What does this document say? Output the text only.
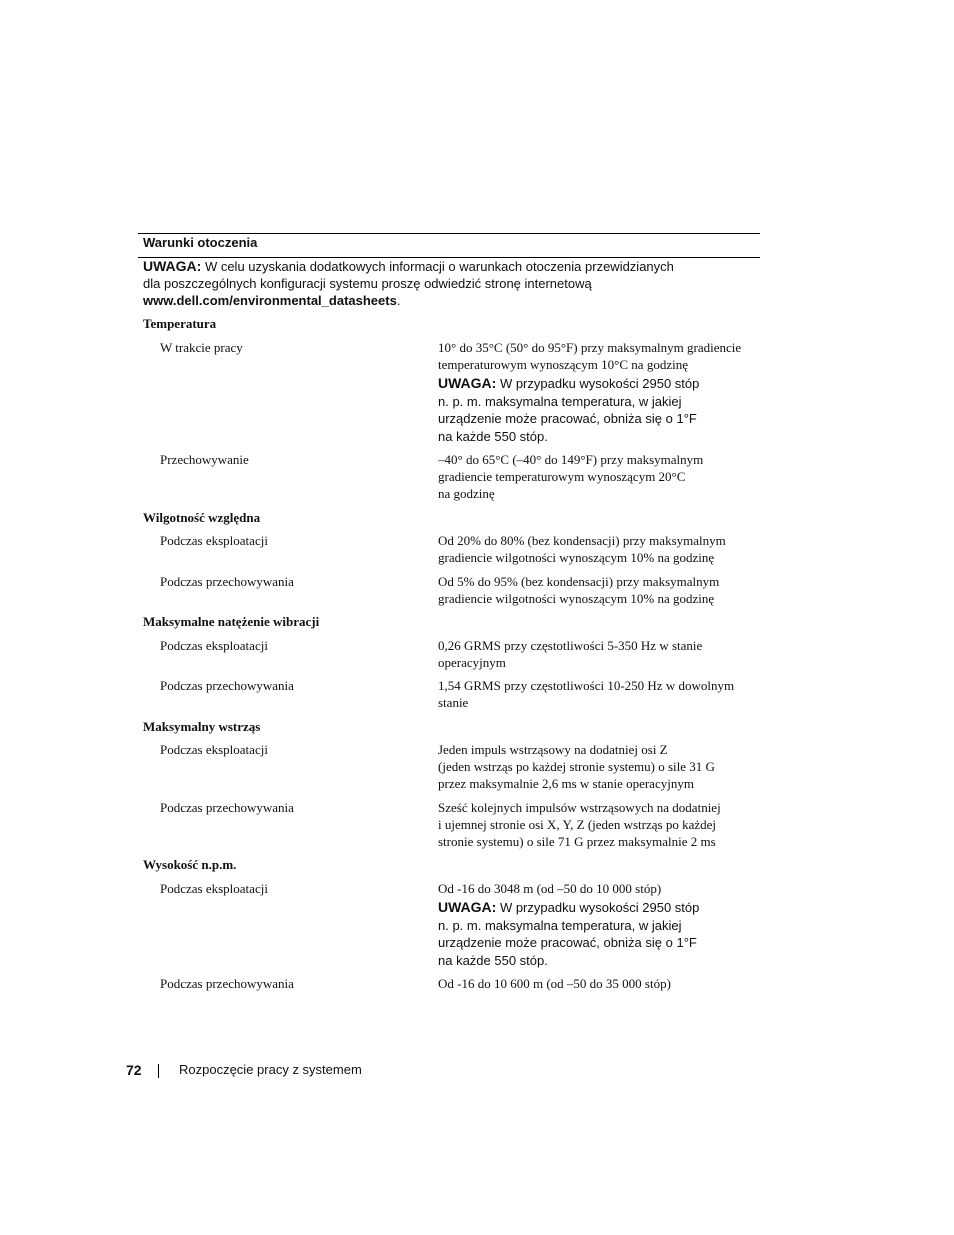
Warunki otoczenia
UWAGA: W celu uzyskania dodatkowych informacji o warunkach otoczenia przewidzianych
dla poszczególnych konfiguracji systemu proszę odwiedzić stronę internetową
www.dell.com/environmental_datasheets.
Temperatura
W trakcie pracy	10° do 35°C (50° do 95°F) przy maksymalnym gradiencie
temperaturowym wynoszącym 10°C na godzinę
UWAGA: W przypadku wysokości 2950 stóp
n. p. m. maksymalna temperatura, w jakiej
urządzenie może pracować, obniża się o 1°F
na każde 550 stóp.
Przechowywanie	–40° do 65°C (–40° do 149°F) przy maksymalnym
gradiencie temperaturowym wynoszącym 20°C
na godzinę
Wilgotność względna
Podczas eksploatacji	Od 20% do 80% (bez kondensacji) przy maksymalnym
gradiencie wilgotności wynoszącym 10% na godzinę
Podczas przechowywania	Od 5% do 95% (bez kondensacji) przy maksymalnym
gradiencie wilgotności wynoszącym 10% na godzinę
Maksymalne natężenie wibracji
Podczas eksploatacji	0,26 GRMS przy częstotliwości 5-350 Hz w stanie
operacyjnym
Podczas przechowywania	1,54 GRMS przy częstotliwości 10-250 Hz w dowolnym
stanie
Maksymalny wstrząs
Podczas eksploatacji	Jeden impuls wstrząsowy na dodatniej osi Z
(jeden wstrząs po każdej stronie systemu) o sile 31 G
przez maksymalnie 2,6 ms w stanie operacyjnym
Podczas przechowywania	Sześć kolejnych impulsów wstrząsowych na dodatniej
i ujemnej stronie osi X, Y, Z (jeden wstrząs po każdej
stronie systemu) o sile 71 G przez maksymalnie 2 ms
Wysokość n.p.m.
Podczas eksploatacji	Od -16 do 3048 m (od –50 do 10 000 stóp)
UWAGA: W przypadku wysokości 2950 stóp
n. p. m. maksymalna temperatura, w jakiej
urządzenie może pracować, obniża się o 1°F
na każde 550 stóp.
Podczas przechowywania	Od -16 do 10 600 m (od –50 do 35 000 stóp)
72	Rozpoczęcie pracy z systemem
